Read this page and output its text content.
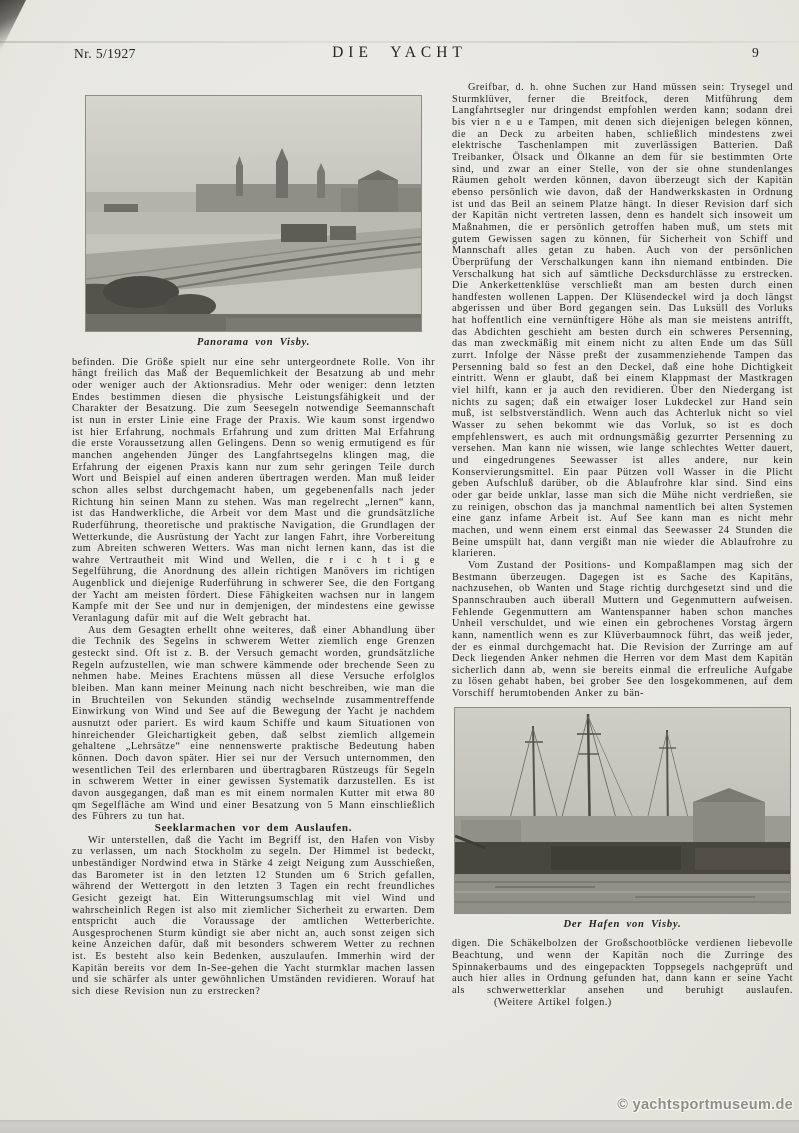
Nr. 5/1927	DIE YACHT	9
Panorama von Visby.

befinden. Die Größe spielt nur eine sehr untergeordnete Rolle. Von ihr hängt freilich das Maß der Bequemlichkeit der Besatzung ab und mehr oder weniger auch der Aktionsradius. Mehr oder weniger: denn letzten Endes bestimmen diesen die physische Leistungsfähigkeit und der Charakter der Besatzung. Die zum Seesegeln notwendige Seemannschaft ist nun in erster Linie eine Frage der Praxis. Wie kaum sonst irgendwo ist hier Erfahrung, nochmals Erfahrung und zum dritten Mal Erfahrung die erste Voraussetzung allen Gelingens. Denn so wenig ermutigend es für manchen angehenden Jünger des Langfahrtsegelns klingen mag, die Erfahrung der eigenen Praxis kann nur zum sehr geringen Teile durch Wort und Beispiel auf einen anderen übertragen werden. Man muß leider schon alles selbst durchgemacht haben, um gegebenenfalls nach jeder Richtung hin seinen Mann zu stehen. Was man regelrecht „lernen“ kann, ist das Handwerkliche, die Arbeit vor dem Mast und die grundsätzliche Ruderführung, theoretische und praktische Navigation, die Grundlagen der Wetterkunde, die Ausrüstung der Yacht zur langen Fahrt, ihre Vorbereitung zum Abreiten schweren Wetters. Was man nicht lernen kann, das ist die wahre Vertrautheit mit Wind und Wellen, die r i c h t i g e Segelführung, die Anordnung des allein richtigen Manövers im richtigen Augenblick und diejenige Ruderführung in schwerer See, die den Fortgang der Yacht am meisten fördert. Diese Fähigkeiten wachsen nur in langem Kampfe mit der See und nur in demjenigen, der mindestens eine gewisse Veranlagung dafür mit auf die Welt gebracht hat.

Aus dem Gesagten erhellt ohne weiteres, daß einer Abhandlung über die Technik des Segelns in schwerem Wetter ziemlich enge Grenzen gesteckt sind. Oft ist z. B. der Versuch gemacht worden, grundsätzliche Regeln aufzustellen, wie man schwere kämmende oder brechende Seen zu nehmen habe. Meines Erachtens müssen all diese Versuche erfolglos bleiben. Man kann meiner Meinung nach nicht beschreiben, wie man die in Bruchteilen von Sekunden ständig wechselnde zusammentreffende Einwirkung von Wind und See auf die Bewegung der Yacht je nachdem ausnutzt oder pariert. Es wird kaum Schiffe und kaum Situationen von hinreichender Gleichartigkeit geben, daß selbst ziemlich allgemein gehaltene „Lehrsätze“ eine nennenswerte praktische Bedeutung haben können. Doch davon später. Hier sei nur der Versuch unternommen, den wesentlichen Teil des erlernbaren und übertragbaren Rüstzeugs für Segeln in schwerem Wetter in einer gewissen Systematik darzustellen. Es ist davon ausgegangen, daß man es mit einem normalen Kutter mit etwa 80 qm Segelfläche am Wind und einer Besatzung von 5 Mann einschließlich des Führers zu tun hat.

Seeklarmachen vor dem Auslaufen.

Wir unterstellen, daß die Yacht im Begriff ist, den Hafen von Visby zu verlassen, um nach Stockholm zu segeln. Der Himmel ist bedeckt, unbeständiger Nordwind etwa in Stärke 4 zeigt Neigung zum Ausschießen, das Barometer ist in den letzten 12 Stunden um 6 Strich gefallen, während der Wettergott in den letzten 3 Tagen ein recht freundliches Gesicht gezeigt hat. Ein Witterungsumschlag mit viel Wind und wahrscheinlich Regen ist also mit ziemlicher Sicherheit zu erwarten. Dem entspricht auch die Voraussage der amtlichen Wetterberichte. Ausgesprochenen Sturm kündigt sie aber nicht an, auch sonst zeigen sich keine Anzeichen dafür, daß mit besonders schwerem Wetter zu rechnen ist. Es besteht also kein Bedenken, auszulaufen. Immerhin wird der Kapitän bereits vor dem In-See-gehen die Yacht sturmklar machen lassen und sie schärfer als unter gewöhnlichen Umständen revidieren. Worauf hat sich diese Revision nun zu erstrecken?

Greifbar, d. h. ohne Suchen zur Hand müssen sein: Trysegel und Sturmklüver, ferner die Breitfock, deren Mitführung dem Langfahrtsegler nur dringendst empfohlen werden kann; sodann drei bis vier n e u e Tampen, mit denen sich diejenigen belegen können, die an Deck zu arbeiten haben, schließlich mindestens zwei elektrische Taschenlampen mit zuverlässigen Batterien. Daß Treibanker, Ölsack und Ölkanne an dem für sie bestimmten Orte sind, und zwar an einer Stelle, von der sie ohne stundenlanges Räumen geholt werden können, davon überzeugt sich der Kapitän ebenso persönlich wie davon, daß der Handwerkskasten in Ordnung ist und das Beil an seinem Platze hängt. In dieser Revision darf sich der Kapitän nicht vertreten lassen, denn es handelt sich insoweit um Maßnahmen, die er persönlich getroffen haben muß, um stets mit gutem Gewissen sagen zu können, für Sicherheit von Schiff und Mannschaft alles getan zu haben. Auch von der persönlichen Überprüfung der Verschalkungen kann ihn niemand entbinden. Die Verschalkung hat sich auf sämtliche Decksdurchlässe zu erstrecken. Die Ankerkettenklüse verschließt man am besten durch einen handfesten wollenen Lappen. Der Klüsendeckel wird ja doch längst abgerissen und über Bord gegangen sein. Das Luksüll des Vorluks hat hoffentlich eine vernünftigere Höhe als man sie meistens antrifft, das Abdichten geschieht am besten durch ein schweres Persenning, das man zweckmäßig mit einem nicht zu alten Ende um das Süll zurrt. Infolge der Nässe preßt der zusammenziehende Tampen das Persenning bald so fest an den Deckel, daß eine hohe Dichtigkeit eintritt. Wenn er glaubt, daß bei einem Klappmast der Mastkragen viel hilft, kann er ja auch den revidieren. Über den Niedergang ist nichts zu sagen; daß ein etwaiger loser Lukdeckel zur Hand sein muß, ist selbstverständlich. Wenn auch das Achterluk nicht so viel Wasser zu sehen bekommt wie das Vorluk, so ist es doch empfehlenswert, es auch mit ordnungsmäßig gezurrter Persenning zu versehen. Man kann nie wissen, wie lange schlechtes Wetter dauert, und eingedrungenes Seewasser ist alles andere, nur kein Konservierungsmittel. Ein paar Pützen voll Wasser in die Plicht geben Aufschluß darüber, ob die Ablaufrohre klar sind. Sind eins oder gar beide unklar, lasse man sich die Mühe nicht verdrießen, sie zu reinigen, obschon das ja manchmal namentlich bei alten Systemen eine ganz infame Arbeit ist. Auf See kann man es nicht mehr machen, und wenn einem erst einmal das Seewasser 24 Stunden die Beine umspült hat, dann vergißt man nie wieder die Ablaufrohre zu klarieren.

Vom Zustand der Positions- und Kompaßlampen mag sich der Bestmann überzeugen. Dagegen ist es Sache des Kapitäns, nachzusehen, ob Wanten und Stage richtig durchgesetzt sind und die Spannschrauben auch überall Muttern und Gegenmuttern aufweisen. Fehlende Gegenmuttern am Wantenspanner haben schon manches Unheil verschuldet, und wie einen ein gebrochenes Vorstag ärgern kann, namentlich wenn es zur Klüverbaumnock führt, das weiß jeder, der es einmal durchgemacht hat. Die Revision der Zurringe am auf Deck liegenden Anker nehmen die Herren vor dem Mast dem Kapitän sicherlich dann ab, wenn sie bereits einmal die erfreuliche Aufgabe zu lösen gehabt haben, bei grober See den losgekommenen, auf dem Vorschiff herumtobenden Anker zu bän-

Der Hafen von Visby.

digen. Die Schäkelbolzen der Großschootblöcke verdienen liebevolle Beachtung, und wenn der Kapitän noch die Zurringe des Spinnakerbaums und des eingepackten Toppsegels nachgeprüft und auch hier alles in Ordnung gefunden hat, dann kann er seine Yacht als schwerwetterklar ansehen und beruhigt auslaufen. (Weitere Artikel folgen.)

© yachtsportmuseum.de
